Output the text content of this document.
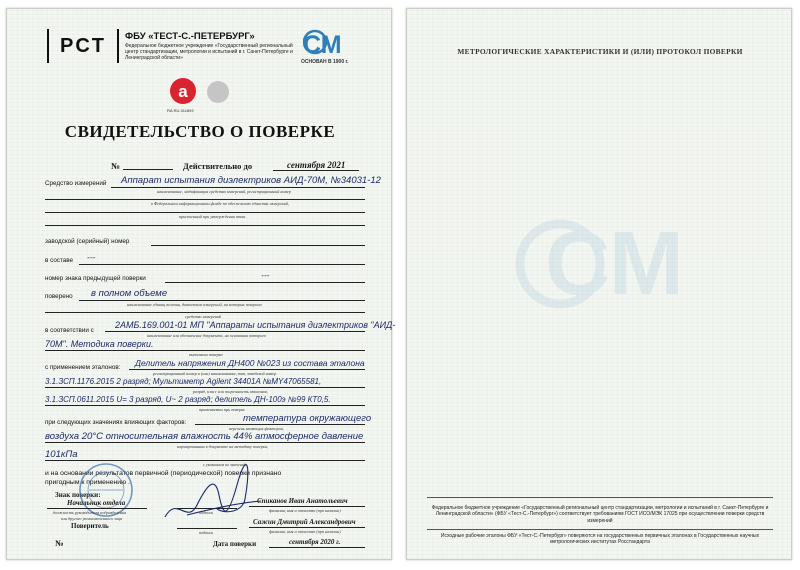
PCT ФБУ «ТЕСТ-С.-ПЕТЕРБУРГ»
Федеральное бюджетное учреждение «Государственный региональный центр стандартизации, метрологии и испытаний в г. Санкт-Петербурге и Ленинградской области»	СМ
ОСНОВАН В 1900 г.
a
RA.RU.311893
СВИДЕТЕЛЬСТВО О ПОВЕРКЕ
№	Действительно до	сентября 2021
Средство измерений Аппарат испытания диэлектриков АИД-70М, №34031-12
наименование, модификация средства измерений, регистрационный номер
в Федеральном информационном фонде по обеспечению единства измерений,
присвоенный при утверждении типа
заводской (серийный) номер
в составе ---
номер знака предыдущей поверки	---
поверено в полном объеме
наименование единиц величин, диапазонов измерений, на которых поверено
средство измерений
в соответствии с
2АМБ.169.001-01 МП "Аппараты испытания диэлектриков "АИД-
наименование или обозначение документа, на основании которого
70М". Методика поверки.
выполнена поверка
с применением эталонов: Делитель напряжения ДН400 №023 из состава эталона
регистрационный номер и (или) наименование, тип, заводской номер
3.1.ЗСП.1176.2015 2 разряд; Мультиметр Agilent 34401A №MY47065581,
разряд, класс или погрешность эталонов,
3.1.ЗСП.0611.2015 U= 3 разряд, U~ 2 разряд; делитель ДН-100э №99 КТ0,5.
применяемых при поверке
при следующих значениях влияющих факторов:	температура окружающего
перечень влияющих факторов,
воздуха 20°С относительная влажность 44% атмосферное давление
нормированных в документе на методику поверки,
101кПа
с указанием их значений
и на основании результатов первичной (периодической) поверки признано
пригодным к применению .
Знак поверки:
Начальник отдела
должность руководителя подразделения
или другого уполномоченного лица
подпись
Спиканов Иван Анатольевич
фамилия, имя и отчество (при наличии)
Поверитель
подпись
Сажин Дмитрий Александрович
фамилия, имя и отчество (при наличии)
№	Дата поверки	сентября 2020 г.
МЕТРОЛОГИЧЕСКИЕ ХАРАКТЕРИСТИКИ И (ИЛИ) ПРОТОКОЛ ПОВЕРКИ
СМ
Федеральное бюджетное учреждение «Государственный региональный центр стандартизации, метрологии и испытаний в г. Санкт-Петербурге и Ленинградской области» (ФБУ «Тест-С.-Петербург») соответствует требованиям ГОСТ ИСО/МЭК 17025 при осуществлении поверки средств измерений
Исходные рабочие эталоны ФБУ «Тест-С.-Петербург» поверяются на государственных первичных эталонах в Государственных научных метрологических институтах Росстандарта
